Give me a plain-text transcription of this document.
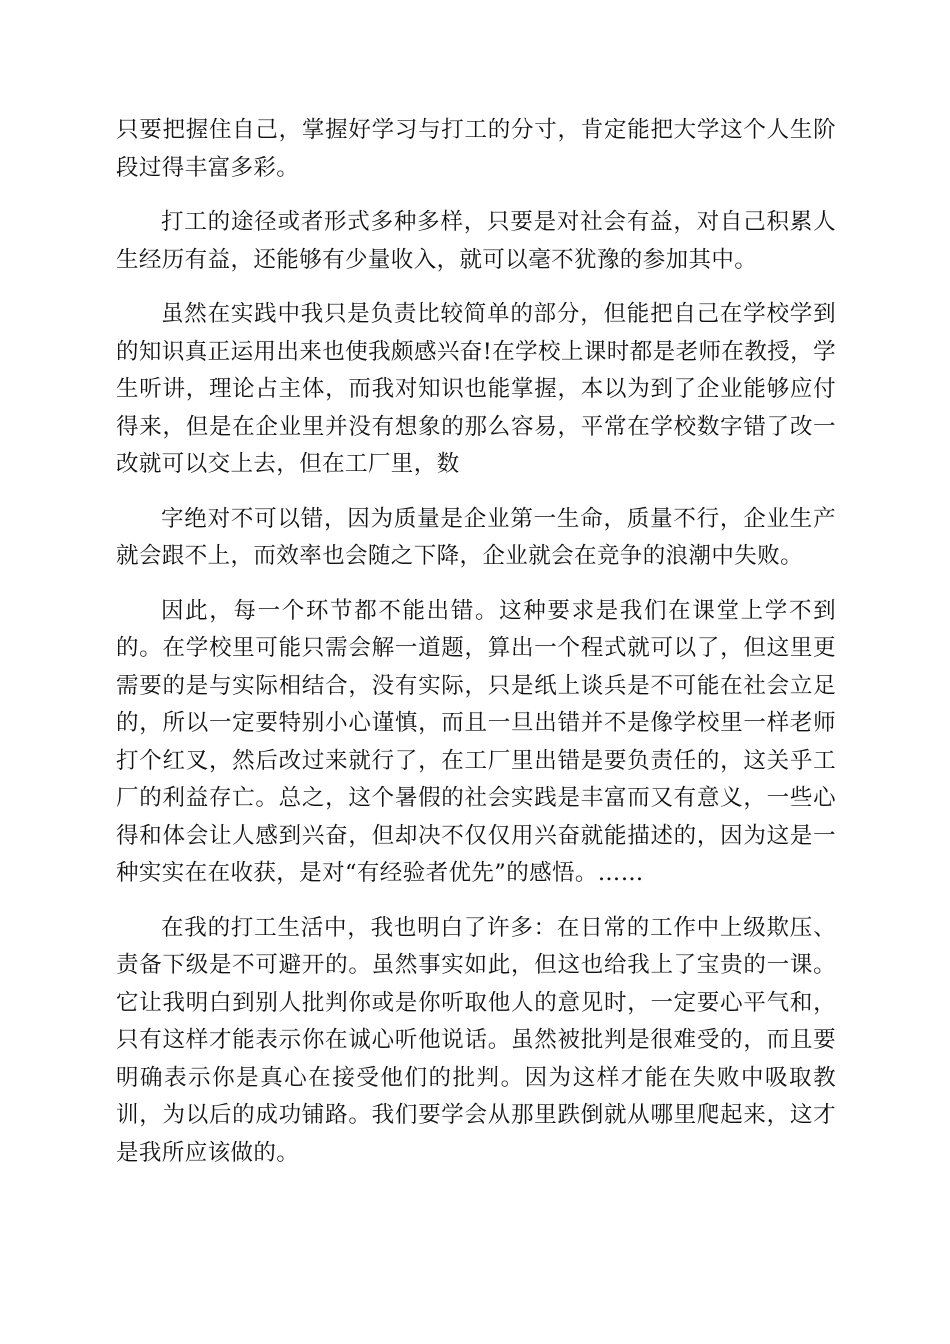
只要把握住自己，掌握好学习与打工的分寸，肯定能把大学这个人生阶段过得丰富多彩。

打工的途径或者形式多种多样，只要是对社会有益，对自己积累人生经历有益，还能够有少量收入，就可以毫不犹豫的参加其中。

虽然在实践中我只是负责比较简单的部分，但能把自己在学校学到的知识真正运用出来也使我颇感兴奋!在学校上课时都是老师在教授，学生听讲，理论占主体，而我对知识也能掌握，本以为到了企业能够应付得来，但是在企业里并没有想象的那么容易，平常在学校数字错了改一改就可以交上去，但在工厂里，数

字绝对不可以错，因为质量是企业第一生命，质量不行，企业生产就会跟不上，而效率也会随之下降，企业就会在竞争的浪潮中失败。

因此，每一个环节都不能出错。这种要求是我们在课堂上学不到的。在学校里可能只需会解一道题，算出一个程式就可以了，但这里更需要的是与实际相结合，没有实际，只是纸上谈兵是不可能在社会立足的，所以一定要特别小心谨慎，而且一旦出错并不是像学校里一样老师打个红叉，然后改过来就行了，在工厂里出错是要负责任的，这关乎工厂的利益存亡。总之，这个暑假的社会实践是丰富而又有意义，一些心得和体会让人感到兴奋，但却决不仅仅用兴奋就能描述的，因为这是一种实实在在收获，是对“有经验者优先”的感悟。……

在我的打工生活中，我也明白了许多：在日常的工作中上级欺压、责备下级是不可避开的。虽然事实如此，但这也给我上了宝贵的一课。它让我明白到别人批判你或是你听取他人的意见时，一定要心平气和，只有这样才能表示你在诚心听他说话。虽然被批判是很难受的，而且要明确表示你是真心在接受他们的批判。因为这样才能在失败中吸取教训，为以后的成功铺路。我们要学会从那里跌倒就从哪里爬起来，这才是我所应该做的。
